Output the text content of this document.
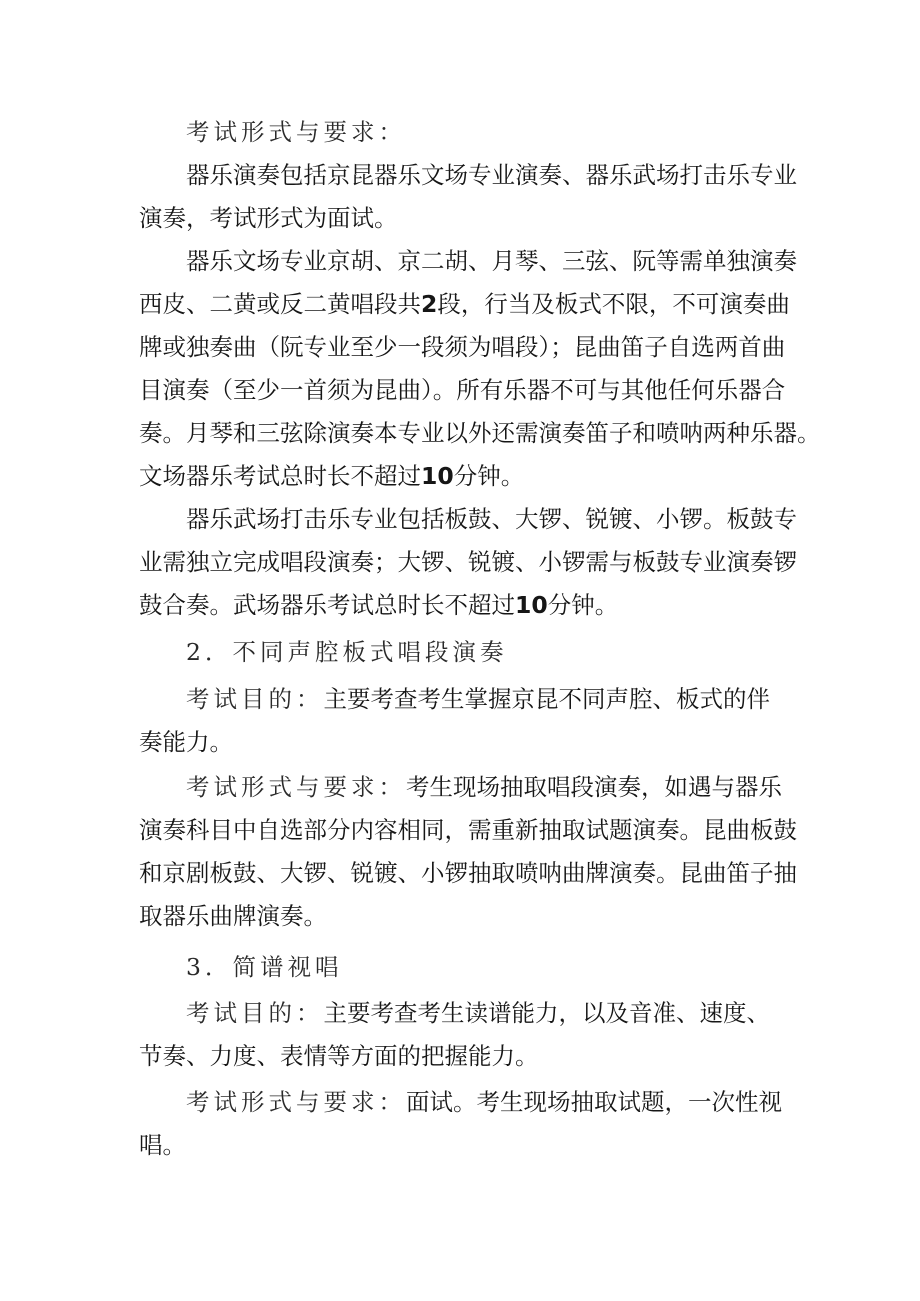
考试形式与要求：
器乐演奏包括京昆器乐文场专业演奏、器乐武场打击乐专业
演奏，考试形式为面试。
器乐文场专业京胡、京二胡、月琴、三弦、阮等需单独演奏
西皮、二黄或反二黄唱段共2段，行当及板式不限，不可演奏曲
牌或独奏曲（阮专业至少一段须为唱段）；昆曲笛子自选两首曲
目演奏（至少一首须为昆曲）。所有乐器不可与其他任何乐器合
奏。月琴和三弦除演奏本专业以外还需演奏笛子和喷呐两种乐器。
文场器乐考试总时长不超过10分钟。
器乐武场打击乐专业包括板鼓、大锣、锐镀、小锣。板鼓专
业需独立完成唱段演奏；大锣、锐镀、小锣需与板鼓专业演奏锣
鼓合奏。武场器乐考试总时长不超过10分钟。
2．不同声腔板式唱段演奏
考试目的：主要考查考生掌握京昆不同声腔、板式的伴
奏能力。
考试形式与要求：考生现场抽取唱段演奏，如遇与器乐
演奏科目中自选部分内容相同，需重新抽取试题演奏。昆曲板鼓
和京剧板鼓、大锣、锐镀、小锣抽取喷呐曲牌演奏。昆曲笛子抽
取器乐曲牌演奏。
3．简谱视唱
考试目的：主要考查考生读谱能力，以及音准、速度、
节奏、力度、表情等方面的把握能力。
考试形式与要求：面试。考生现场抽取试题，一次性视
唱。
